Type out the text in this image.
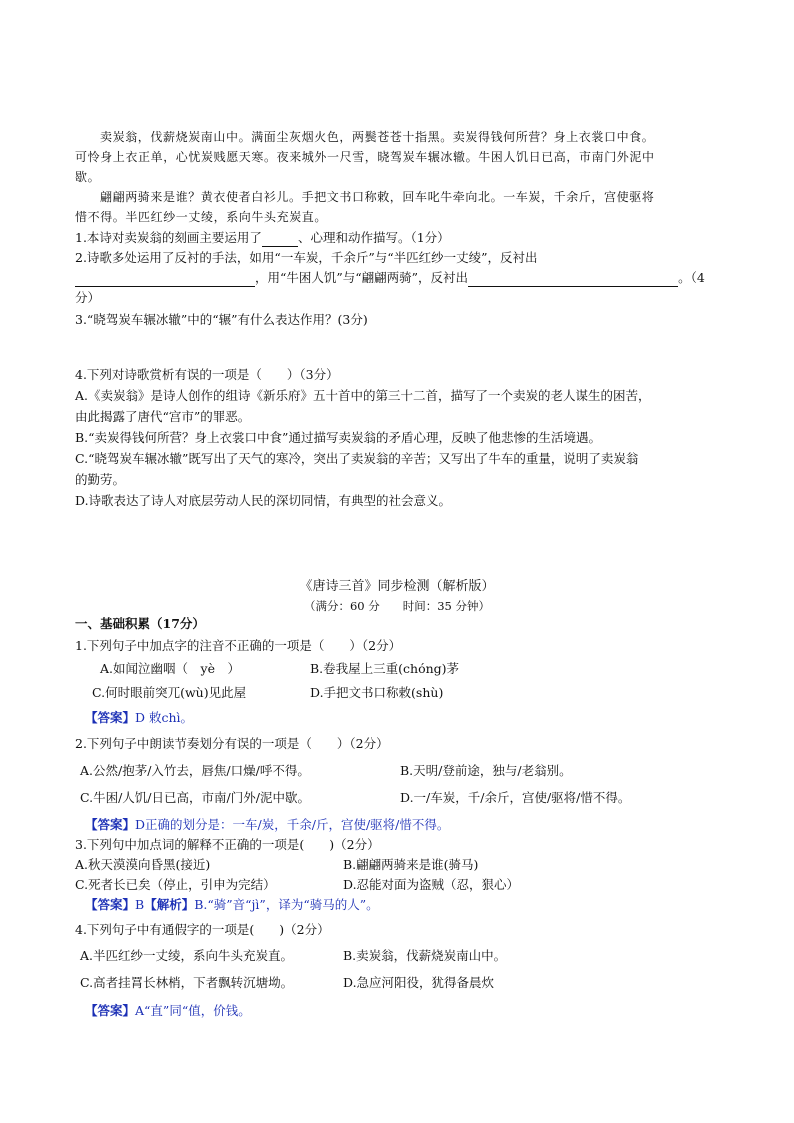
卖炭翁，伐薪烧炭南山中。满面尘灰烟火色，两鬓苍苍十指黑。卖炭得钱何所营？身上衣裳口中食。
可怜身上衣正单，心忧炭贱愿天寒。夜来城外一尺雪，晓驾炭车辗冰辙。牛困人饥日已高，市南门外泥中
歇。
翩翩两骑来是谁？黄衣使者白衫儿。手把文书口称敕，回车叱牛牵向北。一车炭，千余斤，宫使驱将
惜不得。半匹红纱一丈绫，系向牛头充炭直。
1.本诗对卖炭翁的刻画主要运用了	、心理和动作描写。（1分）
2.诗歌多处运用了反衬的手法，如用“一车炭，千余斤”与“半匹红纱一丈绫”，反衬出
，用“牛困人饥”与“翩翩两骑”，反衬出	。（4
分）
3.“晓驾炭车辗冰辙”中的“辗”有什么表达作用？(3分)
4.下列对诗歌赏析有误的一项是（　　）（3分）
A.《卖炭翁》是诗人创作的组诗《新乐府》五十首中的第三十二首，描写了一个卖炭的老人谋生的困苦，
由此揭露了唐代“宫市”的罪恶。
B.“卖炭得钱何所营？身上衣裳口中食”通过描写卖炭翁的矛盾心理，反映了他悲惨的生活境遇。
C.“晓驾炭车辗冰辙”既写出了天气的寒冷，突出了卖炭翁的辛苦；又写出了牛车的重量，说明了卖炭翁
的勤劳。
D.诗歌表达了诗人对底层劳动人民的深切同情，有典型的社会意义。
《唐诗三首》同步检测（解析版）
（满分：60 分　　时间：35 分钟）
一、基础积累（17分）
1.下列句子中加点字的注音不正确的一项是（　　）（2分）
A.如闻泣幽咽（　yè　）	B.卷我屋上三重(chóng)茅
C.何时眼前突兀(wù)见此屋	D.手把文书口称敕(shù)
【答案】D 敕chì。
2.下列句子中朗读节奏划分有误的一项是（　　）（2分）
A.公然/抱茅/入竹去，唇焦/口燥/呼不得。	B.天明/登前途，独与/老翁别。
C.牛困/人饥/日已高，市南/门外/泥中歇。	D.一/车炭，千/余斤，宫使/驱将/惜不得。
【答案】D正确的划分是：一车/炭，千余/斤，宫使/驱将/惜不得。
3.下列句中加点词的解释不正确的一项是(　　)（2分）
A.秋天漠漠向昏黑(接近)	B.翩翩两骑来是谁(骑马)
C.死者长已矣（停止，引申为完结）	D.忍能对面为盗贼（忍，狠心）
【答案】B【解析】B.“骑”音“jì”，译为“骑马的人”。
4.下列句子中有通假字的一项是(　　)（2分）
A.半匹红纱一丈绫，系向牛头充炭直。	B.卖炭翁，伐薪烧炭南山中。
C.高者挂罥长林梢，下者飘转沉塘坳。	D.急应河阳役，犹得备晨炊
【答案】A“直”同“值，价钱。
